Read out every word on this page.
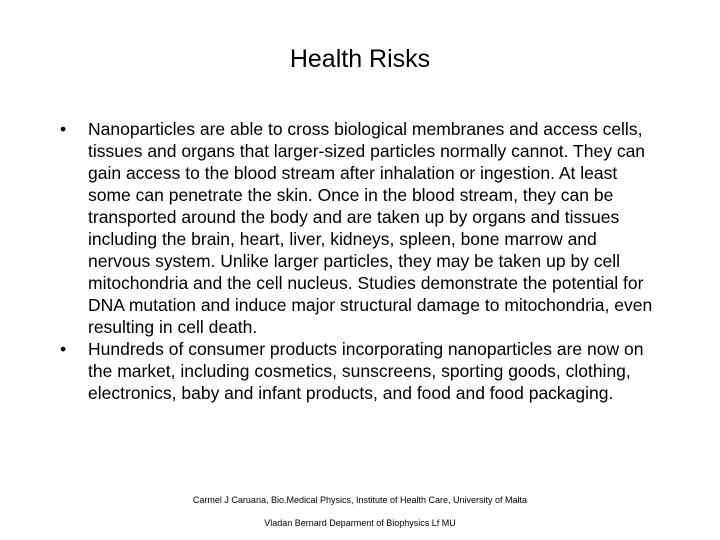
Health Risks
• Nanoparticles are able to cross biological membranes and access cells, tissues and organs that larger-sized particles normally cannot. They can gain access to the blood stream after inhalation or ingestion. At least some can penetrate the skin. Once in the blood stream, they can be transported around the body and are taken up by organs and tissues including the brain, heart, liver, kidneys, spleen, bone marrow and nervous system. Unlike larger particles, they may be taken up by cell mitochondria and the cell nucleus. Studies demonstrate the potential for DNA mutation and induce major structural damage to mitochondria, even resulting in cell death.
• Hundreds of consumer products incorporating nanoparticles are now on the market, including cosmetics, sunscreens, sporting goods, clothing, electronics, baby and infant products, and food and food packaging.
Carmel J Caruana, Bio.Medical Physics, Institute of Health Care, University of Malta
Vladan Bernard Deparment of Biophysics Lf MU
